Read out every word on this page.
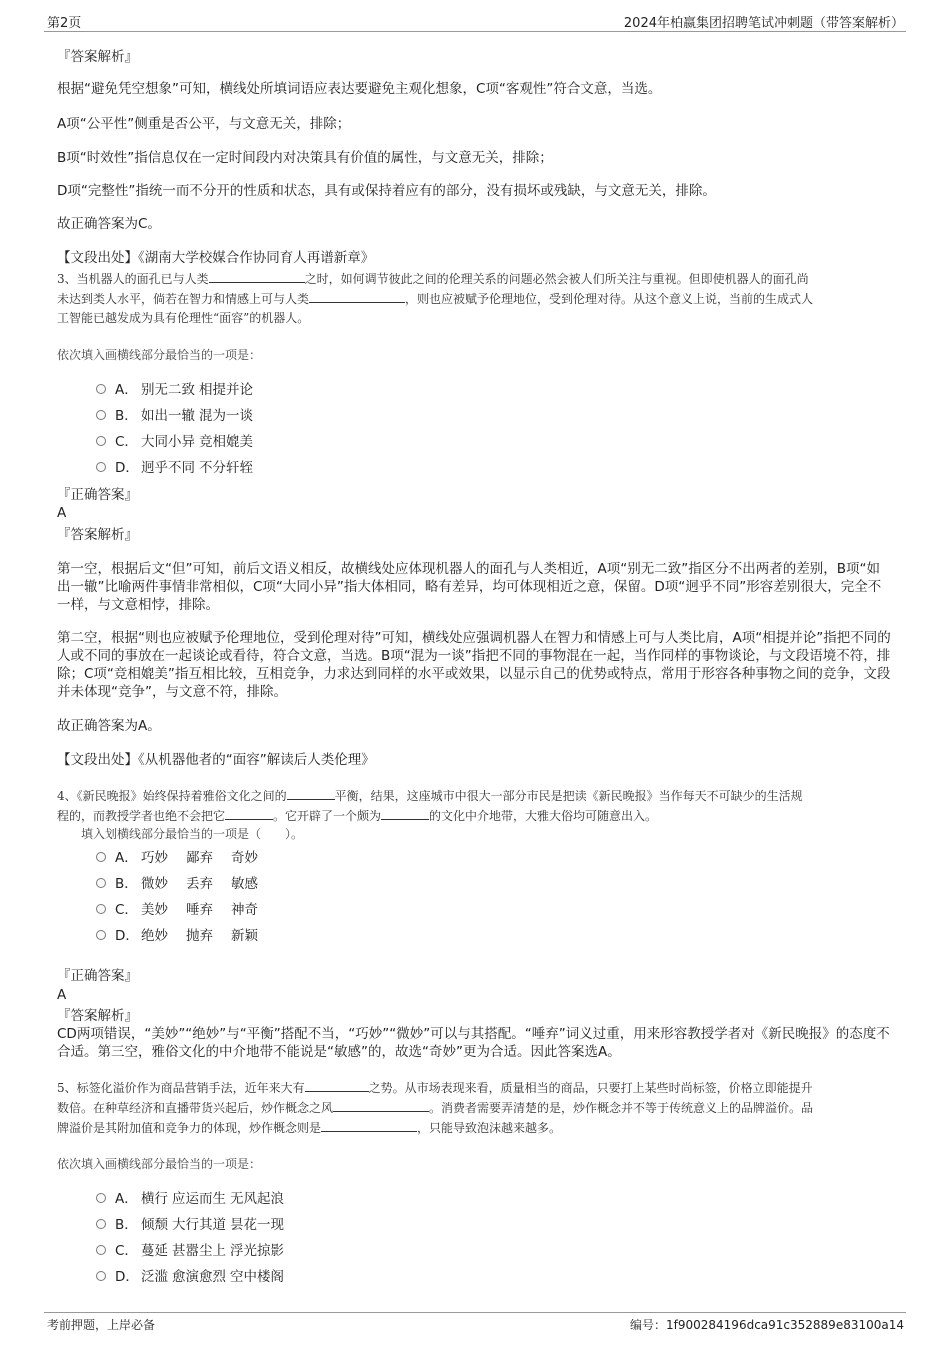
第2页	2024年柏嬴集团招聘笔试冲刺题（带答案解析）
『答案解析』
根据“避免凭空想象”可知，横线处所填词语应表达要避免主观化想象，C项“客观性”符合文意，当选。
A项“公平性”侧重是否公平，与文意无关，排除；
B项“时效性”指信息仅在一定时间段内对决策具有价值的属性，与文意无关，排除；
D项“完整性”指统一而不分开的性质和状态，具有或保持着应有的部分，没有损坏或残缺，与文意无关，排除。
故正确答案为C。
【文段出处】《湖南大学校媒合作协同育人再谱新章》
3、当机器人的面孔已与人类	之时，如何调节彼此之间的伦理关系的问题必然会被人们所关注与重视。但即使机器人的面孔尚
未达到类人水平，倘若在智力和情感上可与人类	，则也应被赋予伦理地位，受到伦理对待。从这个意义上说，当前的生成式人
工智能已越发成为具有伦理性“面容”的机器人。
依次填入画横线部分最恰当的一项是：
A． 别无二致 相提并论
B． 如出一辙 混为一谈
C． 大同小异 竞相媲美
D． 迥乎不同 不分轩轾
『正确答案』
A
『答案解析』
第一空，根据后文“但”可知，前后文语义相反，故横线处应体现机器人的面孔与人类相近，A项“别无二致”指区分不出两者的差别，B项“如出一辙”比喻两件事情非常相似，C项“大同小异”指大体相同，略有差异，均可体现相近之意，保留。D项“迥乎不同”形容差别很大，完全不一样，与文意相悖，排除。
第二空，根据“则也应被赋予伦理地位，受到伦理对待”可知，横线处应强调机器人在智力和情感上可与人类比肩，A项“相提并论”指把不同的人或不同的事放在一起谈论或看待，符合文意，当选。B项“混为一谈”指把不同的事物混在一起，当作同样的事物谈论，与文段语境不符，排除；C项“竞相媲美”指互相比较，互相竞争，力求达到同样的水平或效果，以显示自己的优势或特点，常用于形容各种事物之间的竞争，文段并未体现“竞争”，与文意不符，排除。
故正确答案为A。
【文段出处】《从机器他者的“面容”解读后人类伦理》
4、《新民晚报》始终保持着雅俗文化之间的	平衡，结果，这座城市中很大一部分市民是把读《新民晚报》当作每天不可缺少的生活规
程的，而教授学者也绝不会把它	。它开辟了一个颇为	的文化中介地带，大雅大俗均可随意出入。
填入划横线部分最恰当的一项是（　　）。
A． 巧妙 鄙弃 奇妙
B． 微妙 丢弃 敏感
C． 美妙 唾弃 神奇
D． 绝妙 抛弃 新颖
『正确答案』
A
『答案解析』
CD两项错误，“美妙”“绝妙”与“平衡”搭配不当，“巧妙”“微妙”可以与其搭配。“唾弃”词义过重，用来形容教授学者对《新民晚报》的态度不合适。第三空，雅俗文化的中介地带不能说是“敏感”的，故选“奇妙”更为合适。因此答案选A。
5、标签化溢价作为商品营销手法，近年来大有	之势。从市场表现来看，质量相当的商品，只要打上某些时尚标签，价格立即能提升
数倍。在种草经济和直播带货兴起后，炒作概念之风	。消费者需要弄清楚的是，炒作概念并不等于传统意义上的品牌溢价。品
牌溢价是其附加值和竞争力的体现，炒作概念则是	，只能导致泡沫越来越多。
依次填入画横线部分最恰当的一项是：
A． 横行 应运而生 无风起浪
B． 倾颓 大行其道 昙花一现
C． 蔓延 甚嚣尘上 浮光掠影
D． 泛滥 愈演愈烈 空中楼阁
考前押题，上岸必备	编号：1f900284196dca91c352889e83100a14
